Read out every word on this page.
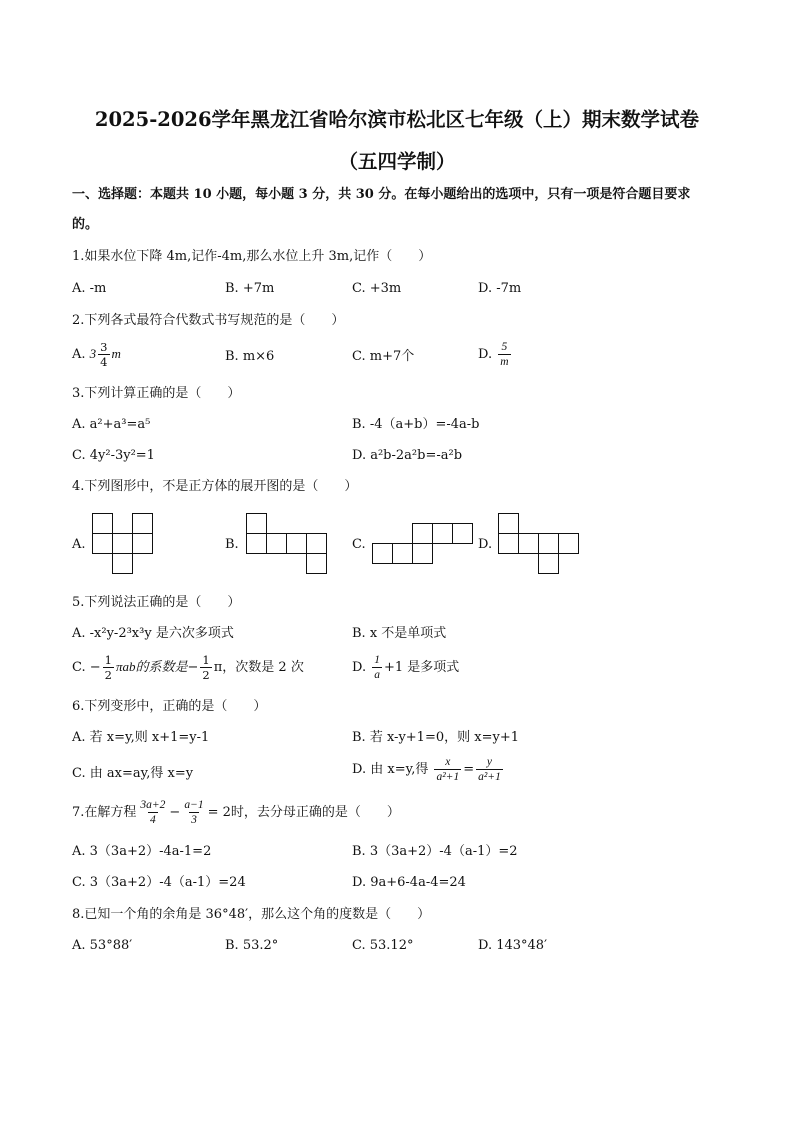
2025-2026学年黑龙江省哈尔滨市松北区七年级（上）期末数学试卷
（五四学制）
一、选择题：本题共 10 小题，每小题 3 分，共 30 分。在每小题给出的选项中，只有一项是符合题目要求
的。
1.如果水位下降 4m,记作-4m,那么水位上升 3m,记作（　　）
A. -m	B. +7m	C. +3m	D. -7m
2.下列各式最符合代数式书写规范的是（　　）
A. $3 \frac{3}{4}$ m	B. m×6	C. m+7个	D. $\frac{5}{m}$
3.下列计算正确的是（　　）
A. a²+a³=a⁵	B. -4（a+b）=-4a-b
C. 4y²-3y²=1	D. a²b-2a²b=-a²b
4.下列图形中，不是正方体的展开图的是（　　）
A.	B.	C.	D.
5.下列说法正确的是（　　）
A. -x²y-2³x³y 是六次多项式	B. x 不是单项式
C. − $\frac{1}{2}$ πab的系数是− $\frac{1}{2}$ π，次数是 2 次	D. $\frac{1}{a} +1$ 是多项式
6.下列变形中，正确的是（　　）
A. 若 x=y,则 x+1=y-1	B. 若 x-y+1=0，则 x=y+1
C. 由 ax=ay,得 x=y	D. 由 x=y,得 $\frac{x}{\text{a²+1}} = \frac{y}{\text{a²+1}}$
7.在解方程 $\frac{3a+2}{4} - \frac{a-1}{3} = 2$时，去分母正确的是（　　）
A. 3（3a+2）-4a-1=2	B. 3（3a+2）-4（a-1）=2
C. 3（3a+2）-4（a-1）=24	D. 9a+6-4a-4=24
8.已知一个角的余角是 36°48′，那么这个角的度数是（　　）
A. 53°88′	B. 53.2°	C. 53.12°	D. 143°48′
